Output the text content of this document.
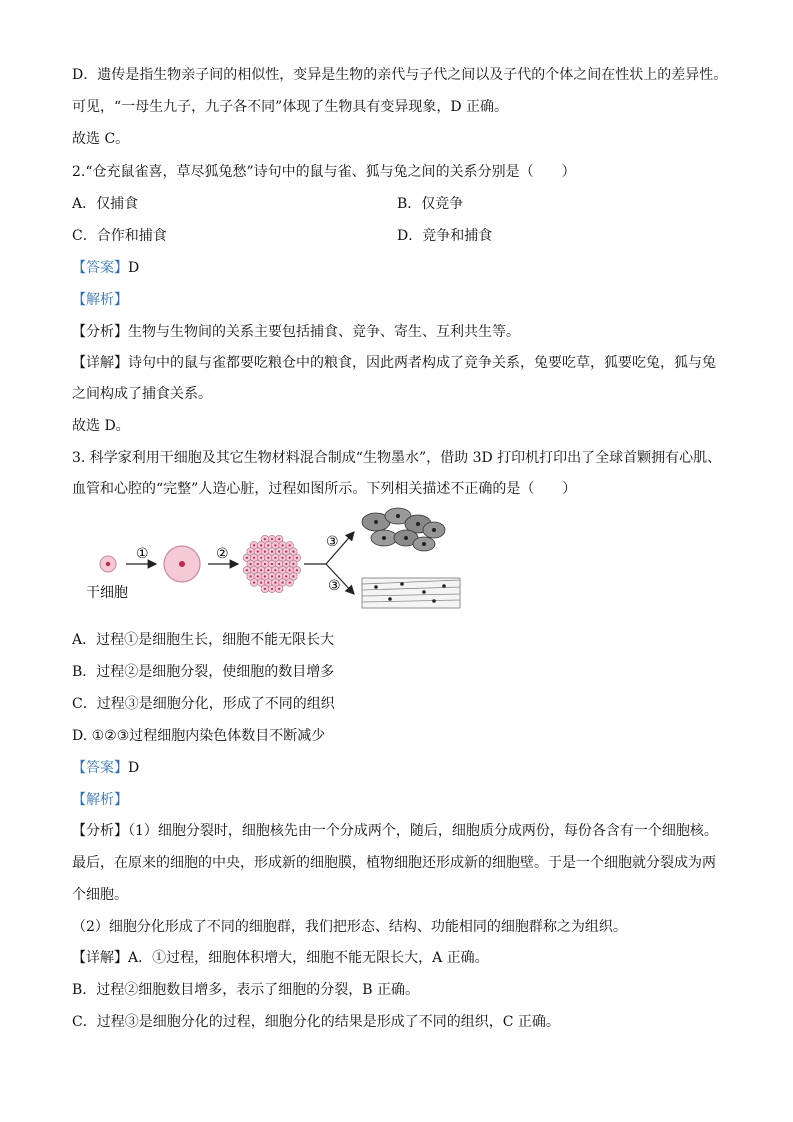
D．遗传是指生物亲子间的相似性，变异是生物的亲代与子代之间以及子代的个体之间在性状上的差异性。
可见，“一母生九子，九子各不同”体现了生物具有变异现象，D 正确。
故选 C。
2.“仓充鼠雀喜，草尽狐兔愁”诗句中的鼠与雀、狐与兔之间的关系分别是（　　）
A．仅捕食	B．仅竞争
C．合作和捕食	D．竞争和捕食
【答案】D
【解析】
【分析】生物与生物间的关系主要包括捕食、竞争、寄生、互利共生等。
【详解】诗句中的鼠与雀都要吃粮仓中的粮食，因此两者构成了竞争关系，兔要吃草，狐要吃兔，狐与兔
之间构成了捕食关系。
故选 D。
3. 科学家利用干细胞及其它生物材料混合制成“生物墨水”，借助 3D 打印机打印出了全球首颗拥有心肌、
血管和心腔的“完整”人造心脏，过程如图所示。下列相关描述不正确的是（　　）
干细胞
①	②
③
③
A．过程①是细胞生长，细胞不能无限长大
B．过程②是细胞分裂，使细胞的数目增多
C．过程③是细胞分化，形成了不同的组织
D. ①②③过程细胞内染色体数目不断减少
【答案】D
【解析】
【分析】（1）细胞分裂时，细胞核先由一个分成两个，随后，细胞质分成两份，每份各含有一个细胞核。
最后，在原来的细胞的中央，形成新的细胞膜，植物细胞还形成新的细胞壁。于是一个细胞就分裂成为两
个细胞。
（2）细胞分化形成了不同的细胞群，我们把形态、结构、功能相同的细胞群称之为组织。
【详解】A．①过程，细胞体积增大，细胞不能无限长大，A 正确。
B．过程②细胞数目增多，表示了细胞的分裂，B 正确。
C．过程③是细胞分化的过程，细胞分化的结果是形成了不同的组织，C 正确。
